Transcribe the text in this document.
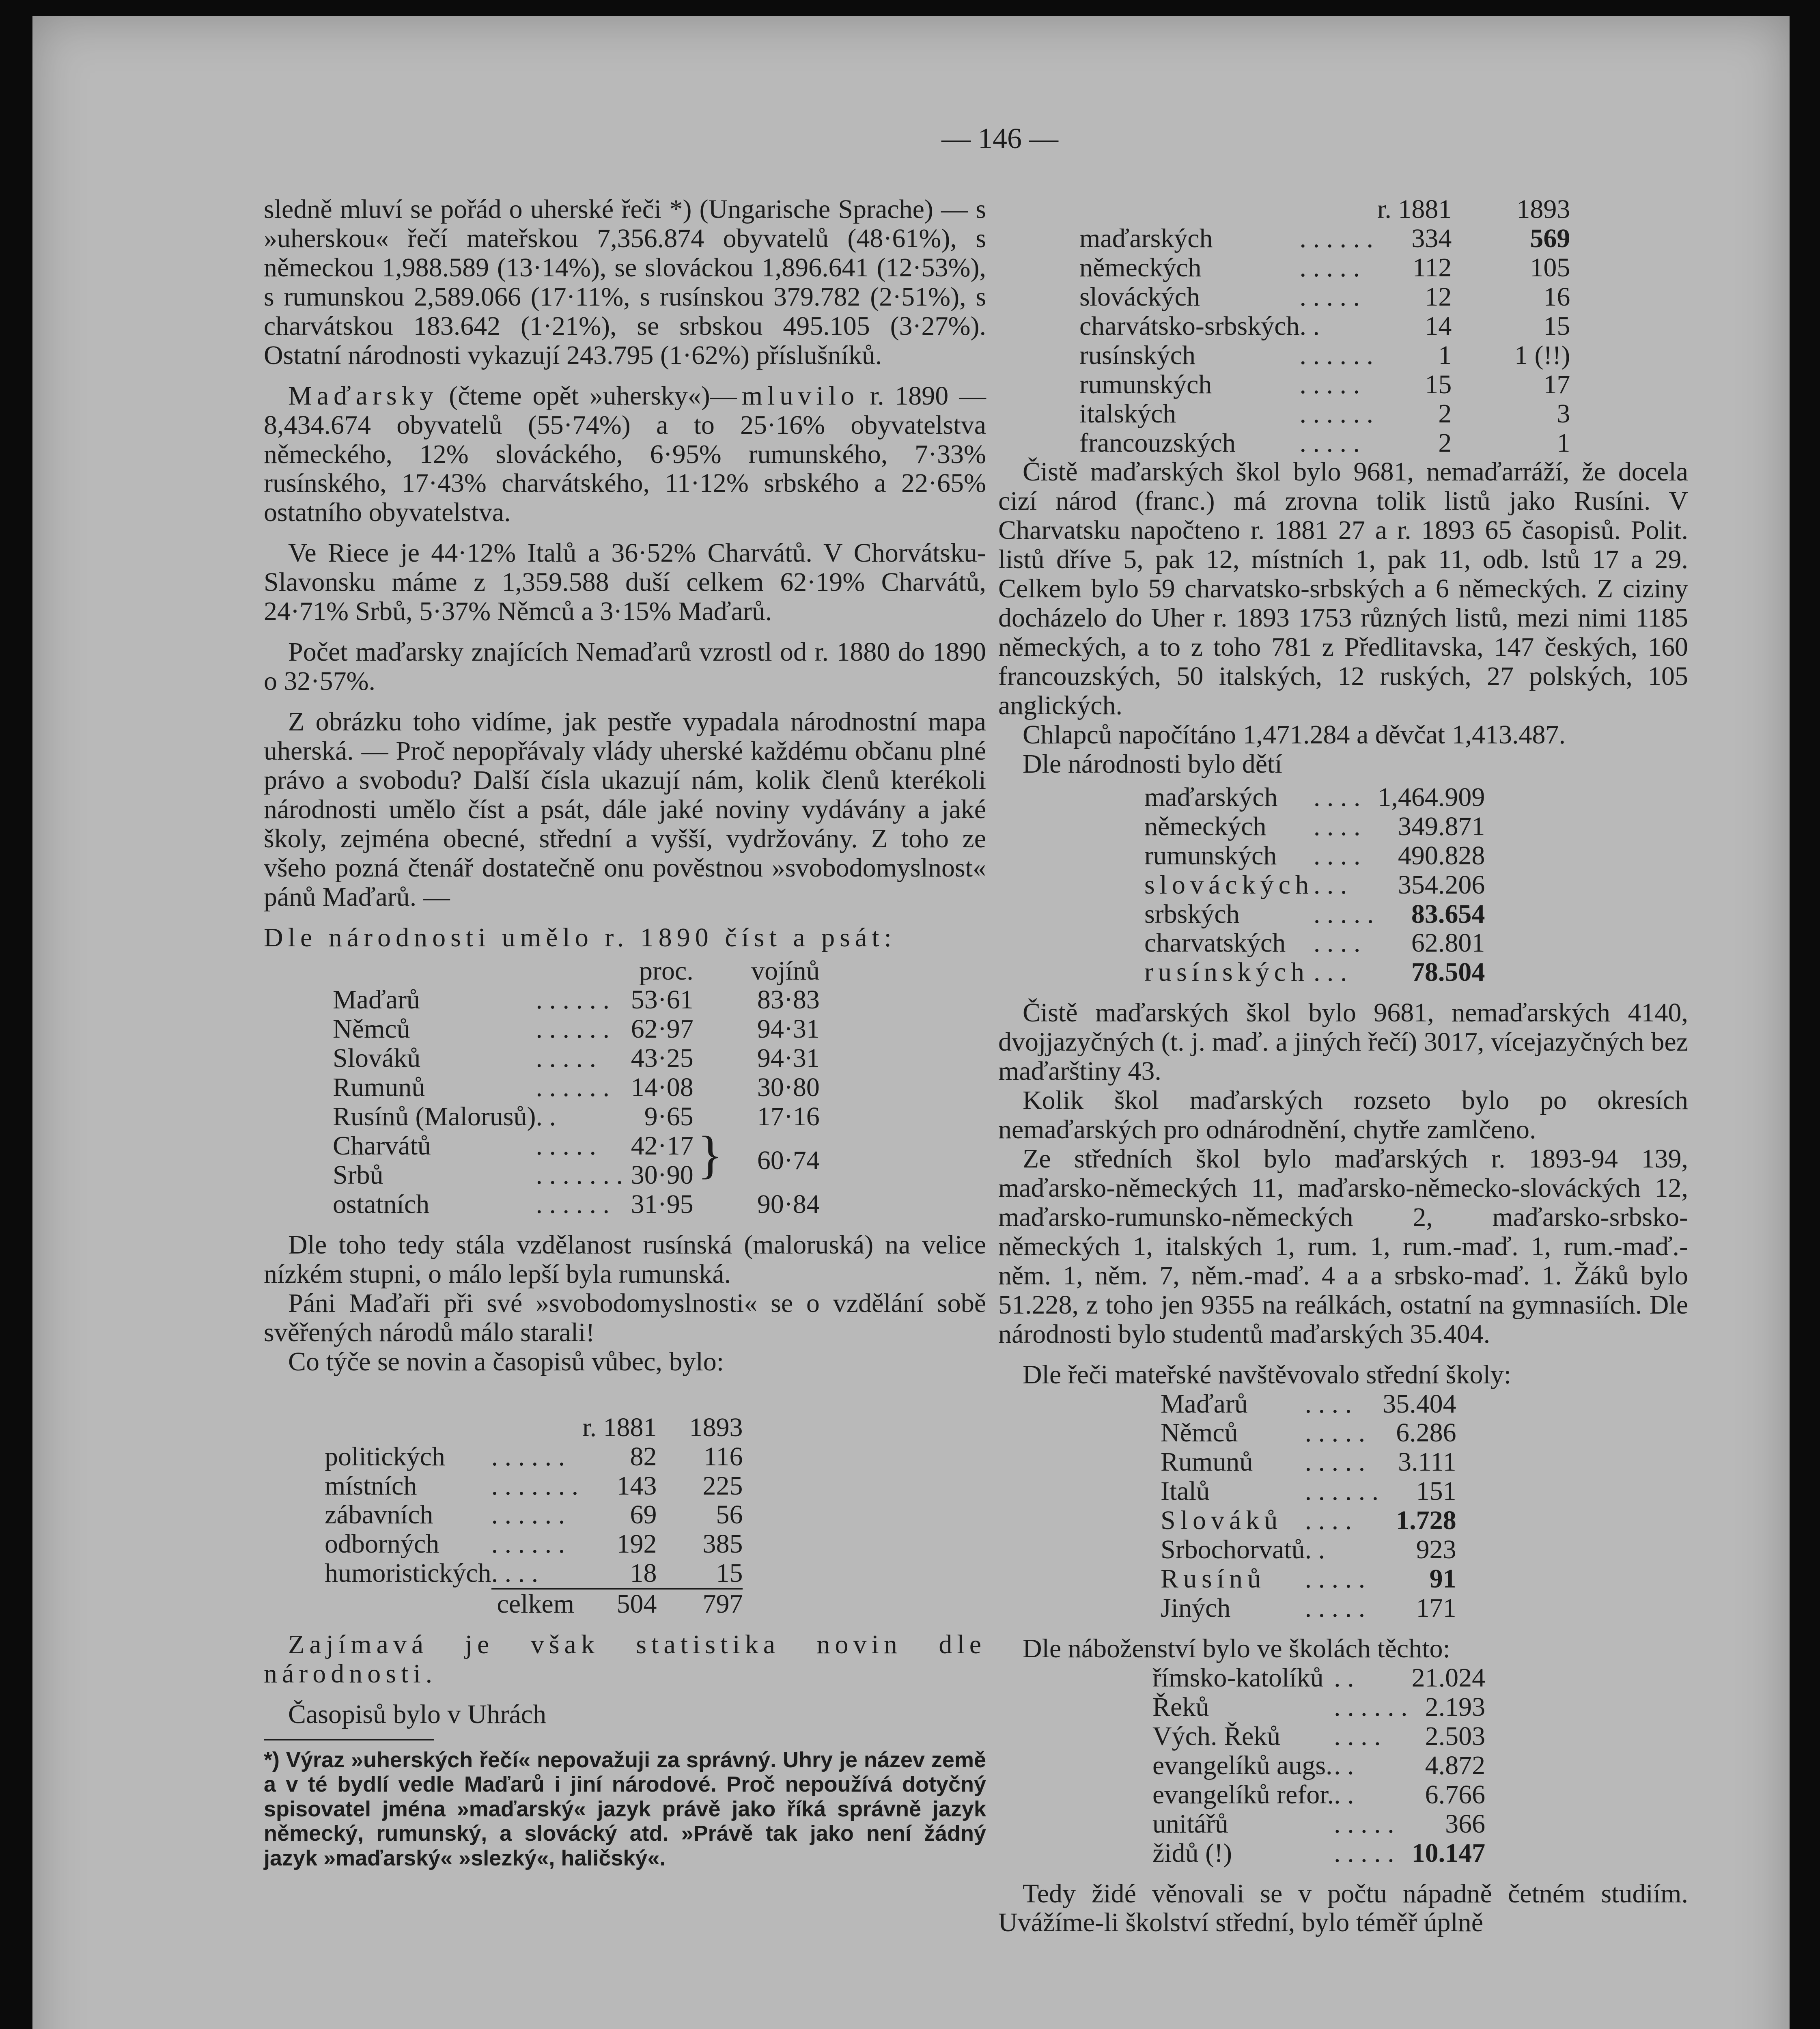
— 146 —

sledně mluví se pořád o uherské řeči *) (Ungarische Sprache) — s »uherskou« řečí mateřskou 7,356.874 obyvatelů (48·61%), s německou 1,988.589 (13·14%), se slováckou 1,896.641 (12·53%), s rumunskou 2,589.066 (17·11%, s rusínskou 379.782 (2·51%), s charvátskou 183.642 (1·21%), se srbskou 495.105 (3·27%). Ostatní národnosti vykazují 243.795 (1·62%) příslušníků.

Maďarsky (čteme opět »uhersky«)—mluvilo r. 1890 — 8,434.674 obyvatelů (55·74%) a to 25·16% obyvatelstva německého, 12% slováckého, 6·95% rumunského, 7·33% rusínského, 17·43% charvátského, 11·12% srbského a 22·65% ostatního obyvatelstva.

Ve Riece je 44·12% Italů a 36·52% Charvátů. V Chorvátsku-Slavonsku máme z 1,359.588 duší celkem 62·19% Charvátů, 24·71% Srbů, 5·37% Němců a 3·15% Maďarů.

Počet maďarsky znajících Nemaďarů vzrostl od r. 1880 do 1890 o 32·57%.

Z obrázku toho vidíme, jak pestře vypadala národnostní mapa uherská. — Proč nepopřávaly vlády uherské každému občanu plné právo a svobodu? Další čísla ukazují nám, kolik členů kterékoli národnosti umělo číst a psát, dále jaké noviny vydávány a jaké školy, zejména obecné, střední a vyšší, vydržovány. Z toho ze všeho pozná čtenář dostatečně onu pověstnou »svobodomyslnost« pánů Maďarů. —

Dle národnosti umělo r. 1890 číst a psát:

		proc.		vojínů
Maďarů	. . . . . .	53·61		83·83
Němců	. . . . . .	62·97		94·31
Slováků	. . . . .	43·25		94·31
Rumunů	. . . . . .	14·08		30·80
Rusínů (Malorusů)	. .	9·65		17·16
Charvátů	. . . . .	42·17	}	60·74
Srbů	. . . . . . .	30·90		
ostatních	. . . . . .	31·95		90·84

Dle toho tedy stála vzdělanost rusínská (maloruská) na velice nízkém stupni, o málo lepší byla rumunská.

Páni Maďaři při své »svobodomyslnosti« se o vzdělání sobě svěřených národů málo starali!

Co týče se novin a časopisů vůbec, bylo:

		r. 1881	1893
politických	. . . . . .	82	116
místních	. . . . . . .	143	225
zábavních	. . . . . .	69	56
odborných	. . . . . .	192	385
humoristických	. . . .	18	15
	celkem	504	797

Zajímavá je však statistika novin dle národnosti.

Časopisů bylo v Uhrách

*) Výraz »uherských řečí« nepovažuji za správný. Uhry je název země a v té bydlí vedle Maďarů i jiní národové. Proč nepoužívá dotyčný spisovatel jména »maďarský« jazyk právě jako říká správně jazyk německý, rumunský, a slovácký atd. »Právě tak jako není žádný jazyk »maďarský« »slezký«, haličský«.

		r. 1881	1893
maďarských	. . . . . .	334	569
německých	. . . . .	112	105
slováckých	. . . . .	12	16
charvátsko-srbských	. .	14	15
rusínských	. . . . . .	1	1 (!!)
rumunských	. . . . .	15	17
italských	. . . . . .	2	3
francouzských	. . . . .	2	1

Čistě maďarských škol bylo 9681, nemaďarráží, že docela cizí národ (franc.) má zrovna tolik listů jako Rusíni. V Charvatsku napočteno r. 1881 27 a r. 1893 65 časopisů. Polit. listů dříve 5, pak 12, místních 1, pak 11, odb. lstů 17 a 29. Celkem bylo 59 charvatsko-srbských a 6 německých. Z ciziny docházelo do Uher r. 1893 1753 různých listů, mezi nimi 1185 německých, a to z toho 781 z Předlitavska, 147 českých, 160 francouzských, 50 italských, 12 ruských, 27 polských, 105 anglických.

Chlapců napočítáno 1,471.284 a děvčat 1,413.487.

Dle národnosti bylo dětí

maďarských	. . . .	1,464.909
německých	. . . .	349.871
rumunských	. . . .	490.828
slováckých	. . .	354.206
srbských	. . . . .	83.654
charvatských	. . . .	62.801
rusínských	. . .	78.504

Čistě maďarských škol bylo 9681, nemaďarských 4140, dvojjazyčných (t. j. maď. a jiných řečí) 3017, vícejazyčných bez maďarštiny 43.

Kolik škol maďarských rozseto bylo po okresích nemaďarských pro odnárodnění, chytře zamlčeno.

Ze středních škol bylo maďarských r. 1893-94 139, maďarsko-německých 11, maďarsko-německo-slováckých 12, maďarsko-rumunsko-německých 2, maďarsko-srbsko-německých 1, italských 1, rum. 1, rum.-maď. 1, rum.-maď.-něm. 1, něm. 7, něm.-maď. 4 a a srbsko-maď. 1. Žáků bylo 51.228, z toho jen 9355 na reálkách, ostatní na gymnasiích. Dle národnosti bylo studentů maďarských 35.404.

Dle řeči mateřské navštěvovalo střední školy:

Maďarů	. . . .	35.404
Němců	. . . . .	6.286
Rumunů	. . . . .	3.111
Italů	. . . . . .	151
Slováků	. . . .	1.728
Srbochorvatů	. .	923
Rusínů	. . . . .	91
Jiných	. . . . .	171

Dle náboženství bylo ve školách těchto:

římsko-katolíků	. .	21.024
Řeků	. . . . . .	2.193
Vých. Řeků	. . . .	2.503
evangelíků augs.	. .	4.872
evangelíků refor.	. .	6.766
unitářů	. . . . .	366
židů (!)	. . . . .	10.147

Tedy židé věnovali se v počtu nápadně četném studiím. Uvážíme-li školství střední, bylo téměř úplně
